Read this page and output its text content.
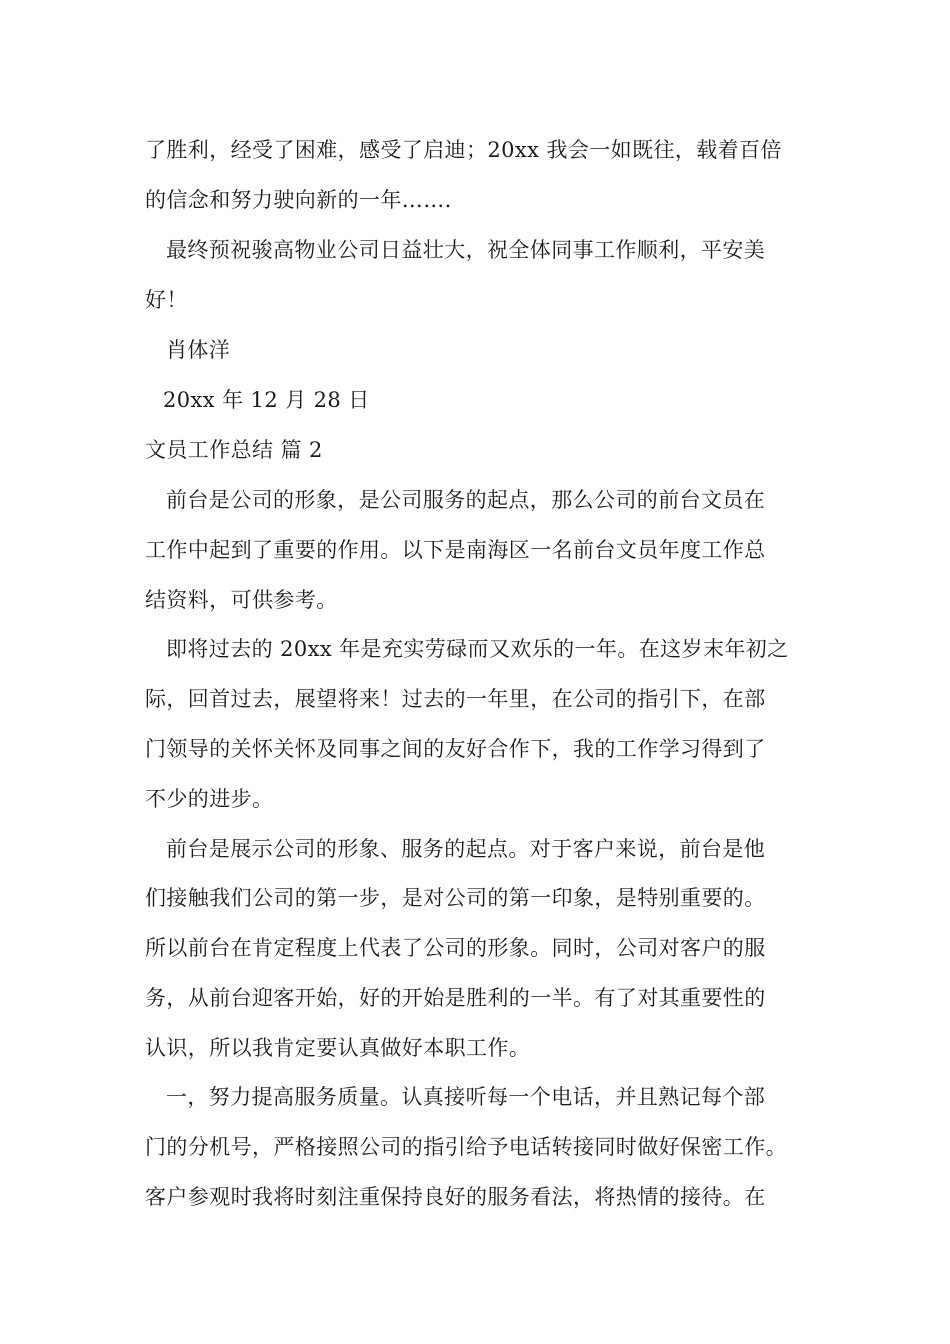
了胜利，经受了困难，感受了启迪；20xx 我会一如既往，载着百倍
的信念和努力驶向新的一年…….
最终预祝骏高物业公司日益壮大，祝全体同事工作顺利，平安美
好！
肖体洋
20xx 年 12 月 28 日
文员工作总结 篇 2
前台是公司的形象，是公司服务的起点，那么公司的前台文员在
工作中起到了重要的作用。以下是南海区一名前台文员年度工作总
结资料，可供参考。
即将过去的 20xx 年是充实劳碌而又欢乐的一年。在这岁末年初之
际，回首过去，展望将来！过去的一年里，在公司的指引下，在部
门领导的关怀关怀及同事之间的友好合作下，我的工作学习得到了
不少的进步。
前台是展示公司的形象、服务的起点。对于客户来说，前台是他
们接触我们公司的第一步，是对公司的第一印象，是特别重要的。
所以前台在肯定程度上代表了公司的形象。同时，公司对客户的服
务，从前台迎客开始，好的开始是胜利的一半。有了对其重要性的
认识，所以我肯定要认真做好本职工作。
一，努力提高服务质量。认真接听每一个电话，并且熟记每个部
门的分机号，严格接照公司的指引给予电话转接同时做好保密工作。
客户参观时我将时刻注重保持良好的服务看法，将热情的接待。在
